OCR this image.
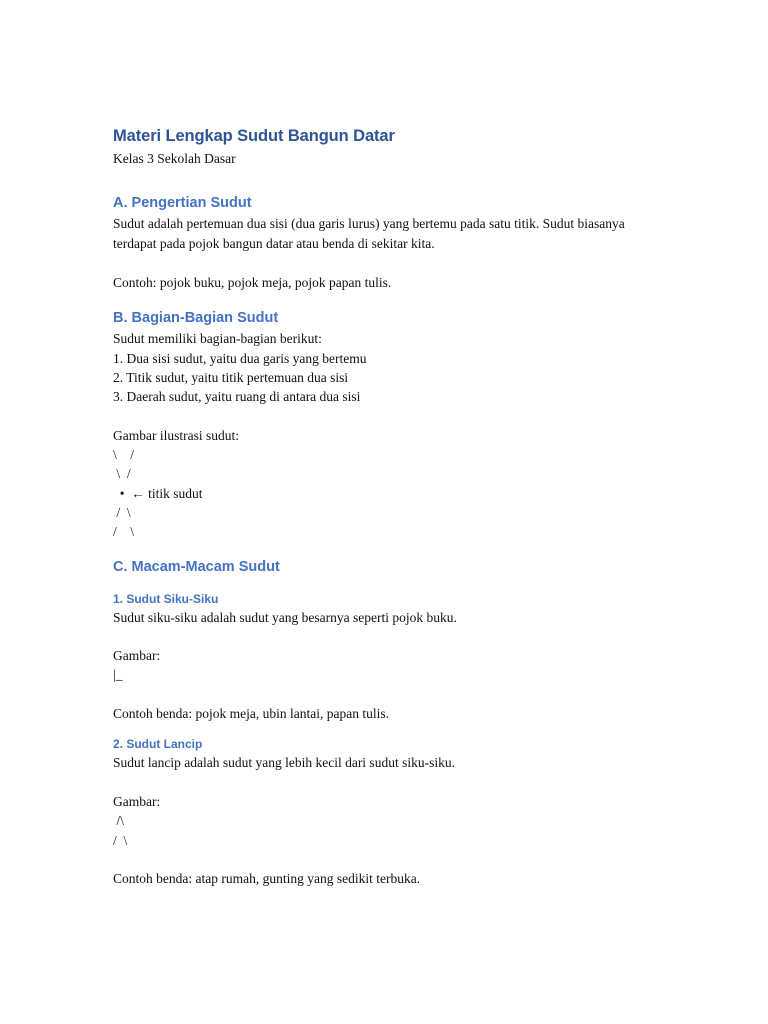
Materi Lengkap Sudut Bangun Datar

Kelas 3 Sekolah Dasar

A. Pengertian Sudut

Sudut adalah pertemuan dua sisi (dua garis lurus) yang bertemu pada satu titik. Sudut biasanya terdapat pada pojok bangun datar atau benda di sekitar kita.

Contoh: pojok buku, pojok meja, pojok papan tulis.

B. Bagian-Bagian Sudut

Sudut memiliki bagian-bagian berikut:

1. Dua sisi sudut, yaitu dua garis yang bertemu

2. Titik sudut, yaitu titik pertemuan dua sisi

3. Daerah sudut, yaitu ruang di antara dua sisi

Gambar ilustrasi sudut:

\    /

\  /

•  ← titik sudut

/  \

/    \

C. Macam-Macam Sudut
1. Sudut Siku-Siku

Sudut siku-siku adalah sudut yang besarnya seperti pojok buku.

Gambar:

|_

Contoh benda: pojok meja, ubin lantai, papan tulis.

2. Sudut Lancip

Sudut lancip adalah sudut yang lebih kecil dari sudut siku-siku.

Gambar:

/\

/  \

Contoh benda: atap rumah, gunting yang sedikit terbuka.
